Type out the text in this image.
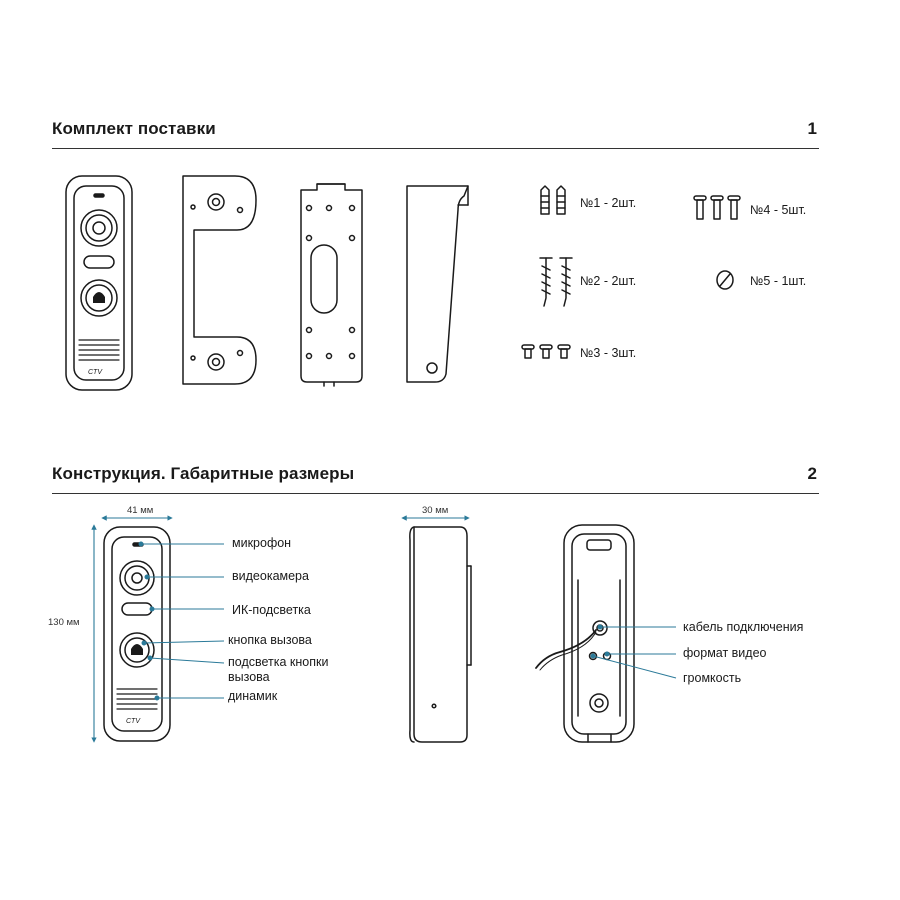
Комплект поставки	1
CTV
№1 - 2шт.
№2 - 2шт.
№3 - 3шт.
№4 - 5шт.
№5 - 1шт.
Конструкция. Габаритные размеры	2
CTV
41 мм
130 мм
30 мм
микрофон
видеокамера
ИК-подсветка
кнопка вызова
подсветка кнопки вызова
динамик
кабель подключения
формат видео
громкость
